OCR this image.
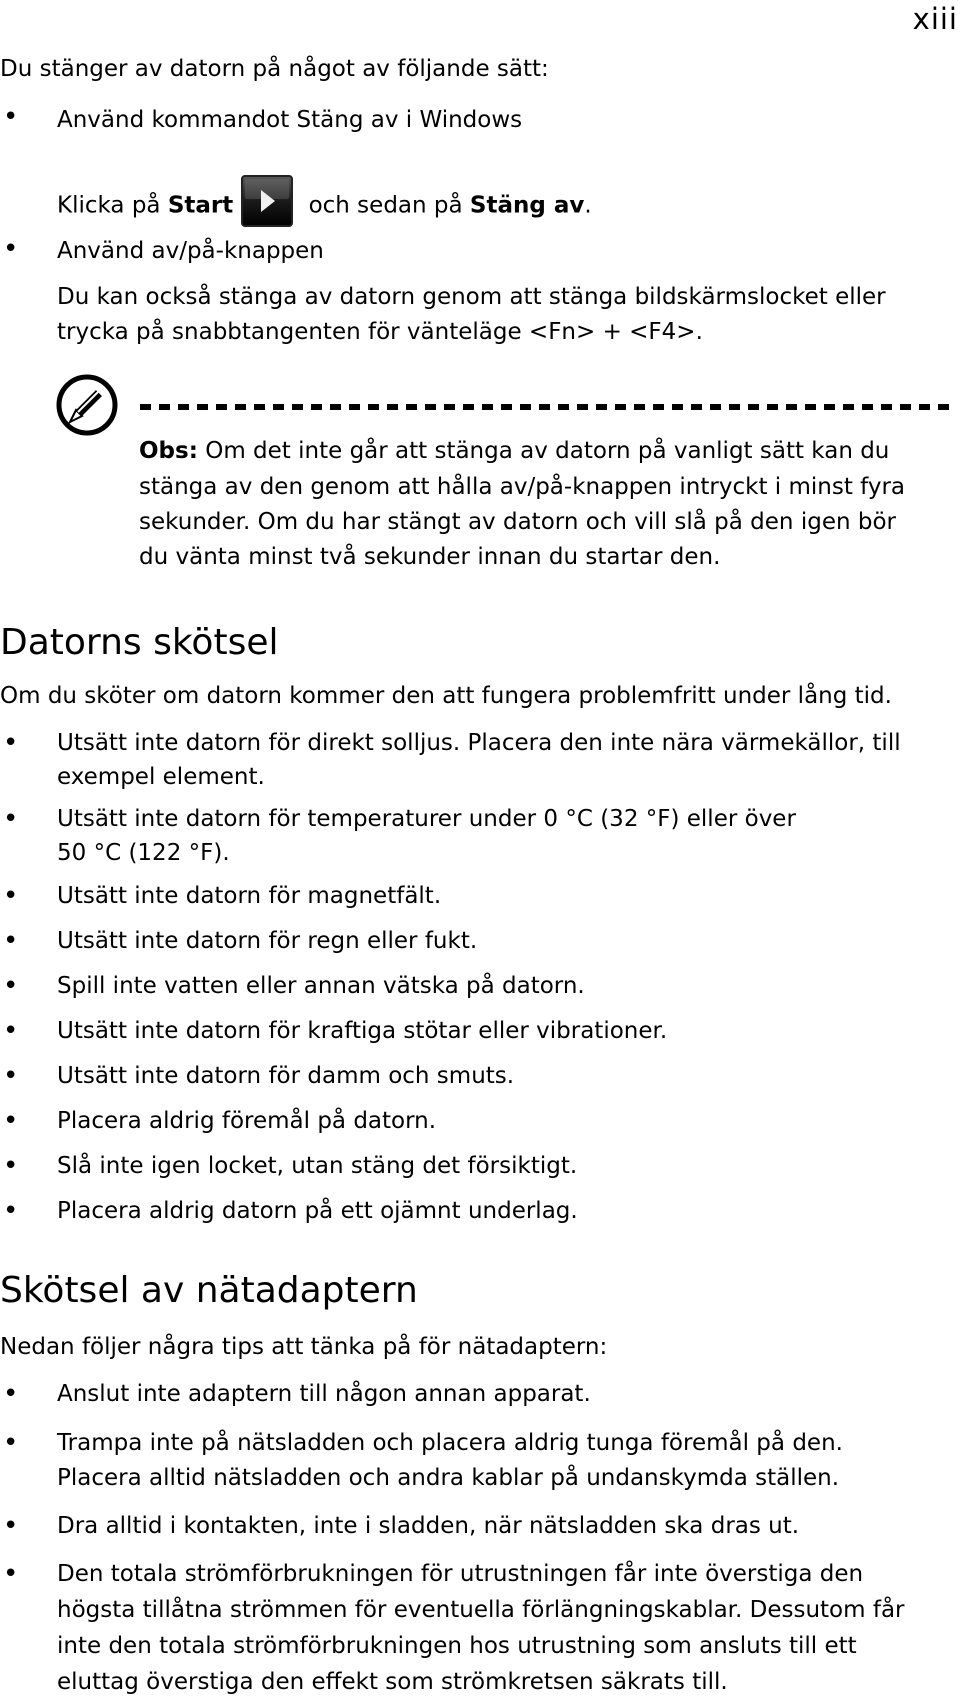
xiii
Du stänger av datorn på något av följande sätt:
• Använd kommandot Stäng av i Windows
Klicka på Start	och sedan på Stäng av.
• Använd av/på-knappen
Du kan också stänga av datorn genom att stänga bildskärmslocket eller
trycka på snabbtangenten för vänteläge <Fn> + <F4>.
Obs: Om det inte går att stänga av datorn på vanligt sätt kan du
stänga av den genom att hålla av/på-knappen intryckt i minst fyra
sekunder. Om du har stängt av datorn och vill slå på den igen bör
du vänta minst två sekunder innan du startar den.
Datorns skötsel
Om du sköter om datorn kommer den att fungera problemfritt under lång tid.
• Utsätt inte datorn för direkt solljus. Placera den inte nära värmekällor, till
exempel element.
• Utsätt inte datorn för temperaturer under 0 °C (32 °F) eller över
50 °C (122 °F).
• Utsätt inte datorn för magnetfält.
• Utsätt inte datorn för regn eller fukt.
• Spill inte vatten eller annan vätska på datorn.
• Utsätt inte datorn för kraftiga stötar eller vibrationer.
• Utsätt inte datorn för damm och smuts.
• Placera aldrig föremål på datorn.
• Slå inte igen locket, utan stäng det försiktigt.
• Placera aldrig datorn på ett ojämnt underlag.
Skötsel av nätadaptern
Nedan följer några tips att tänka på för nätadaptern:
• Anslut inte adaptern till någon annan apparat.
• Trampa inte på nätsladden och placera aldrig tunga föremål på den.
Placera alltid nätsladden och andra kablar på undanskymda ställen.
• Dra alltid i kontakten, inte i sladden, när nätsladden ska dras ut.
• Den totala strömförbrukningen för utrustningen får inte överstiga den
högsta tillåtna strömmen för eventuella förlängningskablar. Dessutom får
inte den totala strömförbrukningen hos utrustning som ansluts till ett
eluttag överstiga den effekt som strömkretsen säkrats till.
